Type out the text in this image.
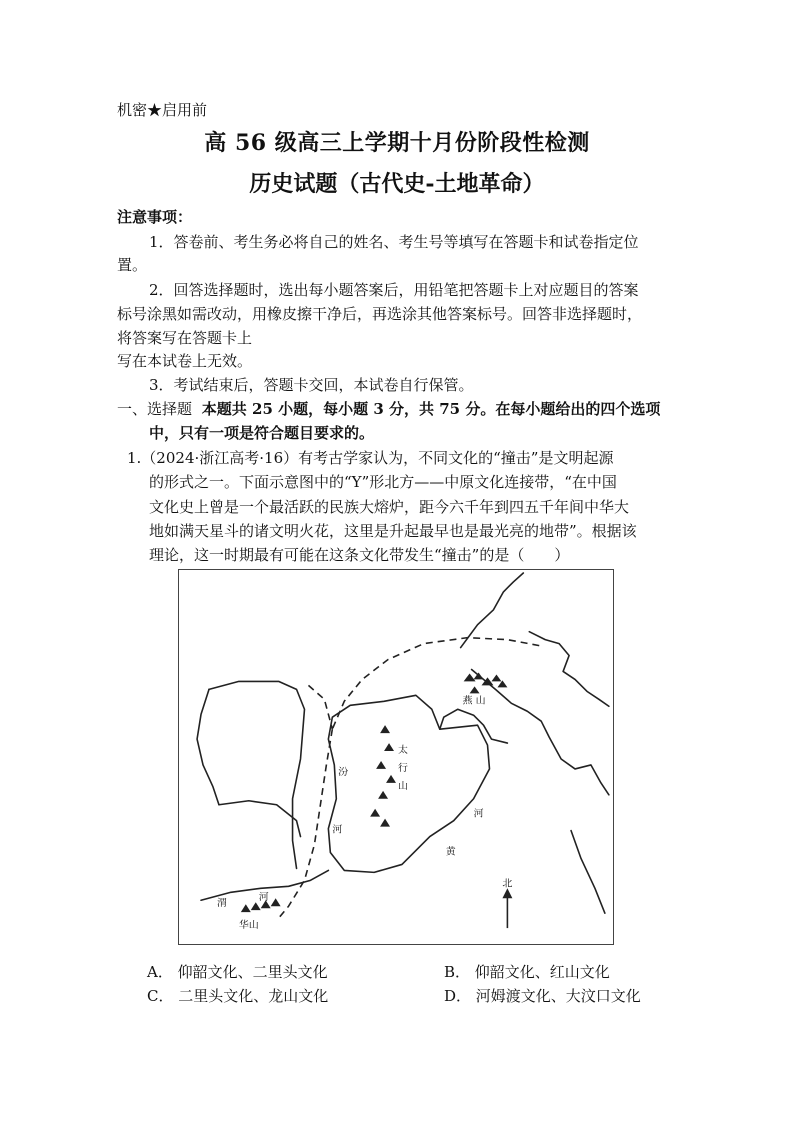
机密★启用前
高 56 级高三上学期十月份阶段性检测
历史试题（古代史-土地革命）
注意事项：
1．答卷前、考生务必将自己的姓名、考生号等填写在答题卡和试卷指定位
置。
2．回答选择题时，选出每小题答案后，用铅笔把答题卡上对应题目的答案
标号涂黑如需改动，用橡皮擦干净后，再选涂其他答案标号。回答非选择题时，
将答案写在答题卡上
写在本试卷上无效。
3．考试结束后，答题卡交回，本试卷自行保管。
一、选择题 本题共 25 小题，每小题 3 分，共 75 分。在每小题给出的四个选项
中，只有一项是符合题目要求的。
1.（2024·浙江高考·16）有考古学家认为，不同文化的“撞击”是文明起源
的形式之一。下面示意图中的“Y”形北方——中原文化连接带，“在中国
文化史上曾是一个最活跃的民族大熔炉，距今六千年到四五千年间中华大
地如满天星斗的诸文明火花，这里是升起最早也是最光亮的地带”。根据该
理论，这一时期最有可能在这条文化带发生“撞击”的是（　　）
燕 山
太
行
山
汾
河
河
黄
渭
河
华山
北
A． 仰韶文化、二里头文化	B． 仰韶文化、红山文化
C． 二里头文化、龙山文化	D． 河姆渡文化、大汶口文化
